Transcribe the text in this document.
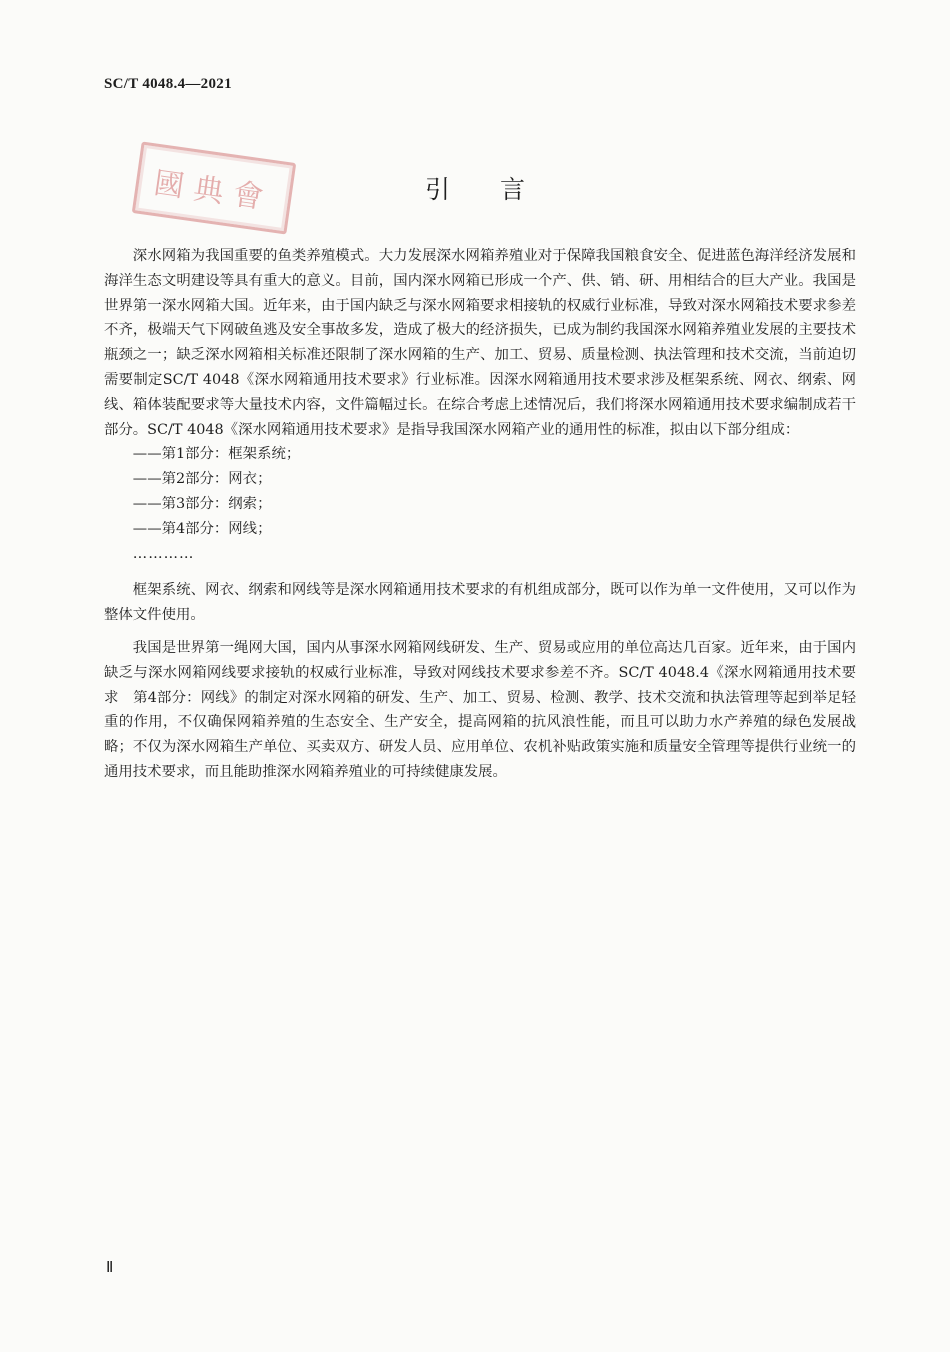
SC/T 4048.4—2021
國典會	引言

深水网箱为我国重要的鱼类养殖模式。大力发展深水网箱养殖业对于保障我国粮食安全、促进蓝色海洋经济发展和海洋生态文明建设等具有重大的意义。目前，国内深水网箱已形成一个产、供、销、研、用相结合的巨大产业。我国是世界第一深水网箱大国。近年来，由于国内缺乏与深水网箱要求相接轨的权威行业标准，导致对深水网箱技术要求参差不齐，极端天气下网破鱼逃及安全事故多发，造成了极大的经济损失，已成为制约我国深水网箱养殖业发展的主要技术瓶颈之一；缺乏深水网箱相关标准还限制了深水网箱的生产、加工、贸易、质量检测、执法管理和技术交流，当前迫切需要制定SC/T 4048《深水网箱通用技术要求》行业标准。因深水网箱通用技术要求涉及框架系统、网衣、纲索、网线、箱体装配要求等大量技术内容，文件篇幅过长。在综合考虑上述情况后，我们将深水网箱通用技术要求编制成若干部分。SC/T 4048《深水网箱通用技术要求》是指导我国深水网箱产业的通用性的标准，拟由以下部分组成：

——第1部分：框架系统；

——第2部分：网衣；

——第3部分：纲索；

——第4部分：网线；

…………

框架系统、网衣、纲索和网线等是深水网箱通用技术要求的有机组成部分，既可以作为单一文件使用，又可以作为整体文件使用。

我国是世界第一绳网大国，国内从事深水网箱网线研发、生产、贸易或应用的单位高达几百家。近年来，由于国内缺乏与深水网箱网线要求接轨的权威行业标准，导致对网线技术要求参差不齐。SC/T 4048.4《深水网箱通用技术要求　第4部分：网线》的制定对深水网箱的研发、生产、加工、贸易、检测、教学、技术交流和执法管理等起到举足轻重的作用，不仅确保网箱养殖的生态安全、生产安全，提高网箱的抗风浪性能，而且可以助力水产养殖的绿色发展战略；不仅为深水网箱生产单位、买卖双方、研发人员、应用单位、农机补贴政策实施和质量安全管理等提供行业统一的通用技术要求，而且能助推深水网箱养殖业的可持续健康发展。

Ⅱ
